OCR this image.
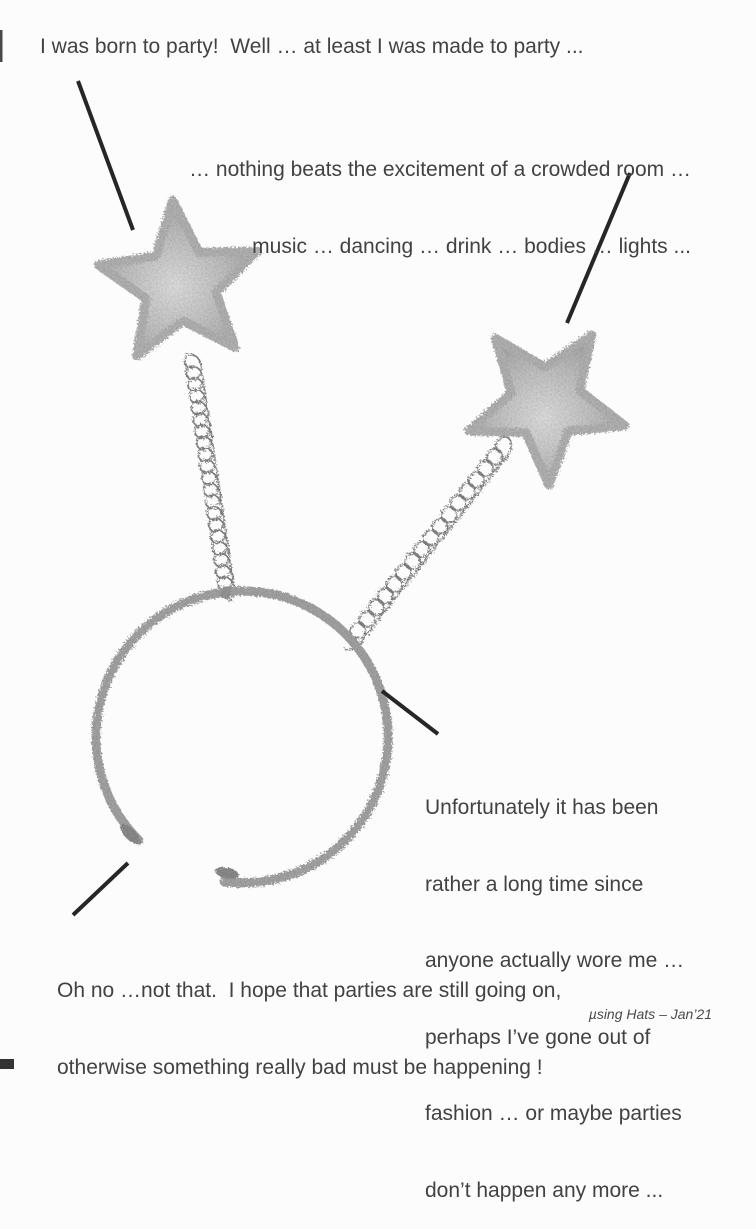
I was born to party!  Well … at least I was made to party ...

… nothing beats the excitement of a crowded room …

music … dancing … drink … bodies … lights ...

Unfortunately it has been

rather a long time since

anyone actually wore me …

perhaps I’ve gone out of

fashion … or maybe parties

don’t happen any more ...

Oh no …not that.  I hope that parties are still going on,

otherwise something really bad must be happening !

µsing Hats – Jan’21
